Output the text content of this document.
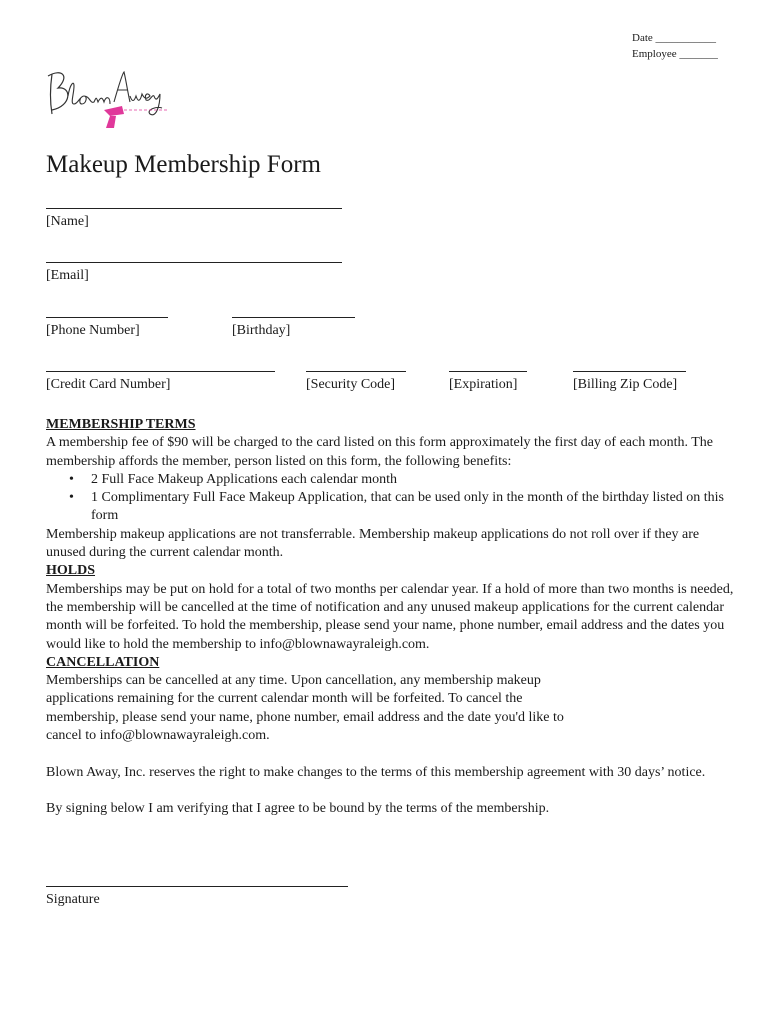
Date ___________
Employee _______
Makeup Membership Form
[Name]
[Email]
[Phone Number]	[Birthday]
[Credit Card Number]	[Security Code]	[Expiration]	[Billing Zip Code]

MEMBERSHIP TERMS

A membership fee of $90 will be charged to the card listed on this form approximately the first day of each month. The membership affords the member, person listed on this form, the following benefits:

• 2 Full Face Makeup Applications each calendar month
• 1 Complimentary Full Face Makeup Application, that can be used only in the month of the birthday listed on this form

Membership makeup applications are not transferrable. Membership makeup applications do not roll over if they are unused during the current calendar month.

HOLDS

Memberships may be put on hold for a total of two months per calendar year. If a hold of more than two months is needed, the membership will be cancelled at the time of notification and any unused makeup applications for the current calendar month will be forfeited. To hold the membership, please send your name, phone number, email address and the dates you would like to hold the membership to info@blownawayraleigh.com.

CANCELLATION

Memberships can be cancelled at any time. Upon cancellation, any membership makeup

applications remaining for the current calendar month will be forfeited. To cancel the

membership, please send your name, phone number, email address and the date you'd like to

cancel to info@blownawayraleigh.com.

Blown Away, Inc. reserves the right to make changes to the terms of this membership agreement with 30 days’ notice.

By signing below I am verifying that I agree to be bound by the terms of the membership.

Signature
